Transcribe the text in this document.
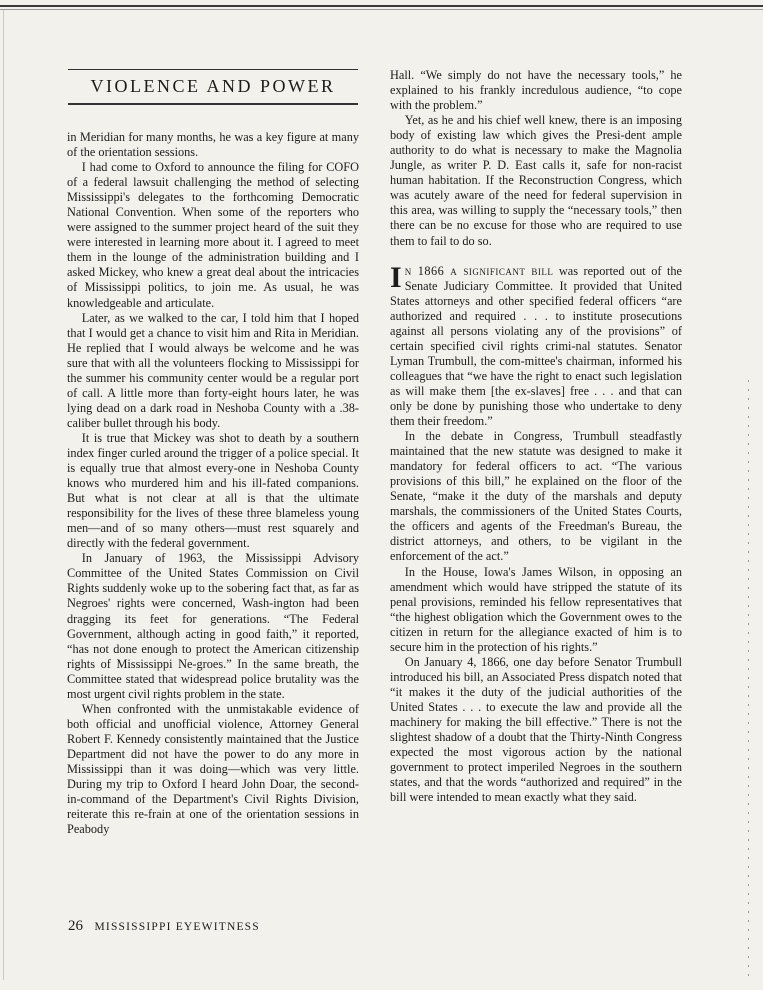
VIOLENCE AND POWER

in Meridian for many months, he was a key figure at many of the orientation sessions.

I had come to Oxford to announce the filing for COFO of a federal lawsuit challenging the method of selecting Mississippi's delegates to the forthcoming Democratic National Convention. When some of the reporters who were assigned to the summer project heard of the suit they were interested in learning more about it. I agreed to meet them in the lounge of the administration building and I asked Mickey, who knew a great deal about the intricacies of Mississippi politics, to join me. As usual, he was knowledgeable and articulate.

Later, as we walked to the car, I told him that I hoped that I would get a chance to visit him and Rita in Meridian. He replied that I would always be welcome and he was sure that with all the volunteers flocking to Mississippi for the summer his community center would be a regular port of call. A little more than forty-eight hours later, he was lying dead on a dark road in Neshoba County with a .38-caliber bullet through his body.

It is true that Mickey was shot to death by a southern index finger curled around the trigger of a police special. It is equally true that almost every-one in Neshoba County knows who murdered him and his ill-fated companions. But what is not clear at all is that the ultimate responsibility for the lives of these three blameless young men—and of so many others—must rest squarely and directly with the federal government.

In January of 1963, the Mississippi Advisory Committee of the United States Commission on Civil Rights suddenly woke up to the sobering fact that, as far as Negroes' rights were concerned, Wash-ington had been dragging its feet for generations. “The Federal Government, although acting in good faith,” it reported, “has not done enough to protect the American citizenship rights of Mississippi Ne-groes.” In the same breath, the Committee stated that widespread police brutality was the most urgent civil rights problem in the state.

When confronted with the unmistakable evidence of both official and unofficial violence, Attorney General Robert F. Kennedy consistently maintained that the Justice Department did not have the power to do any more in Mississippi than it was doing—which was very little. During my trip to Oxford I heard John Doar, the second-in-command of the Department's Civil Rights Division, reiterate this re-frain at one of the orientation sessions in Peabody

Hall. “We simply do not have the necessary tools,” he explained to his frankly incredulous audience, “to cope with the problem.”

Yet, as he and his chief well knew, there is an imposing body of existing law which gives the Presi-dent ample authority to do what is necessary to make the Magnolia Jungle, as writer P. D. East calls it, safe for non-racist human habitation. If the Reconstruction Congress, which was acutely aware of the need for federal supervision in this area, was willing to supply the “necessary tools,” then there can be no excuse for those who are required to use them to fail to do so.

In 1866 a significant bill was reported out of the Senate Judiciary Committee. It provided that United States attorneys and other specified federal officers “are authorized and required . . . to institute prosecutions against all persons violating any of the provisions” of certain specified civil rights crimi-nal statutes. Senator Lyman Trumbull, the com-mittee's chairman, informed his colleagues that “we have the right to enact such legislation as will make them [the ex-slaves] free . . . and that can only be done by punishing those who undertake to deny them their freedom.”

In the debate in Congress, Trumbull steadfastly maintained that the new statute was designed to make it mandatory for federal officers to act. “The various provisions of this bill,” he explained on the floor of the Senate, “make it the duty of the marshals and deputy marshals, the commissioners of the United States Courts, the officers and agents of the Freedman's Bureau, the district attorneys, and others, to be vigilant in the enforcement of the act.”

In the House, Iowa's James Wilson, in opposing an amendment which would have stripped the statute of its penal provisions, reminded his fellow representatives that “the highest obligation which the Government owes to the citizen in return for the allegiance exacted of him is to secure him in the protection of his rights.”

On January 4, 1866, one day before Senator Trumbull introduced his bill, an Associated Press dispatch noted that “it makes it the duty of the judicial authorities of the United States . . . to execute the law and provide all the machinery for making the bill effective.” There is not the slightest shadow of a doubt that the Thirty-Ninth Congress expected the most vigorous action by the national government to protect imperiled Negroes in the southern states, and that the words “authorized and required” in the bill were intended to mean exactly what they said.

26 MISSISSIPPI EYEWITNESS
